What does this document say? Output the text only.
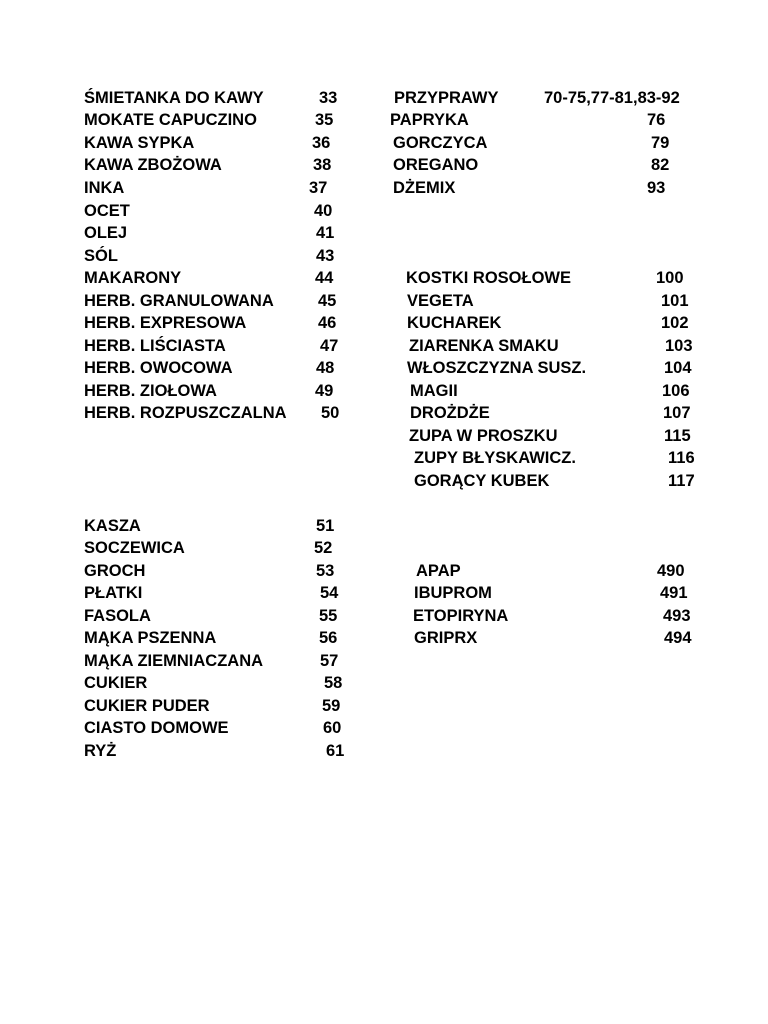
ŚMIETANKA DO KAWY	33
MOKATE CAPUCZINO	35
KAWA SYPKA	36
KAWA ZBOŻOWA	38
INKA	37
OCET	40
OLEJ	41
SÓL	43
MAKARONY	44
HERB. GRANULOWANA	45
HERB. EXPRESOWA	46
HERB. LIŚCIASTA	47
HERB. OWOCOWA	48
HERB. ZIOŁOWA	49
HERB. ROZPUSZCZALNA 50
KASZA	51
SOCZEWICA	52
GROCH	53
PŁATKI	54
FASOLA	55
MĄKA PSZENNA	56
MĄKA ZIEMNIACZANA	57
CUKIER	58
CUKIER PUDER	59
CIASTO DOMOWE	60
RYŻ	61
PRZYPRAWY	70-75,77-81,83-92
PAPRYKA	76
GORCZYCA	79
OREGANO	82
DŻEMIX	93
KOSTKI ROSOŁOWE	100
VEGETA	101
KUCHAREK	102
ZIARENKA SMAKU	103
WŁOSZCZYZNA SUSZ.	104
MAGII	106
DROŻDŻE	107
ZUPA W PROSZKU	115
ZUPY BŁYSKAWICZ.	116
GORĄCY KUBEK	117
APAP	490
IBUPROM	491
ETOPIRYNA	493
GRIPRX	494
